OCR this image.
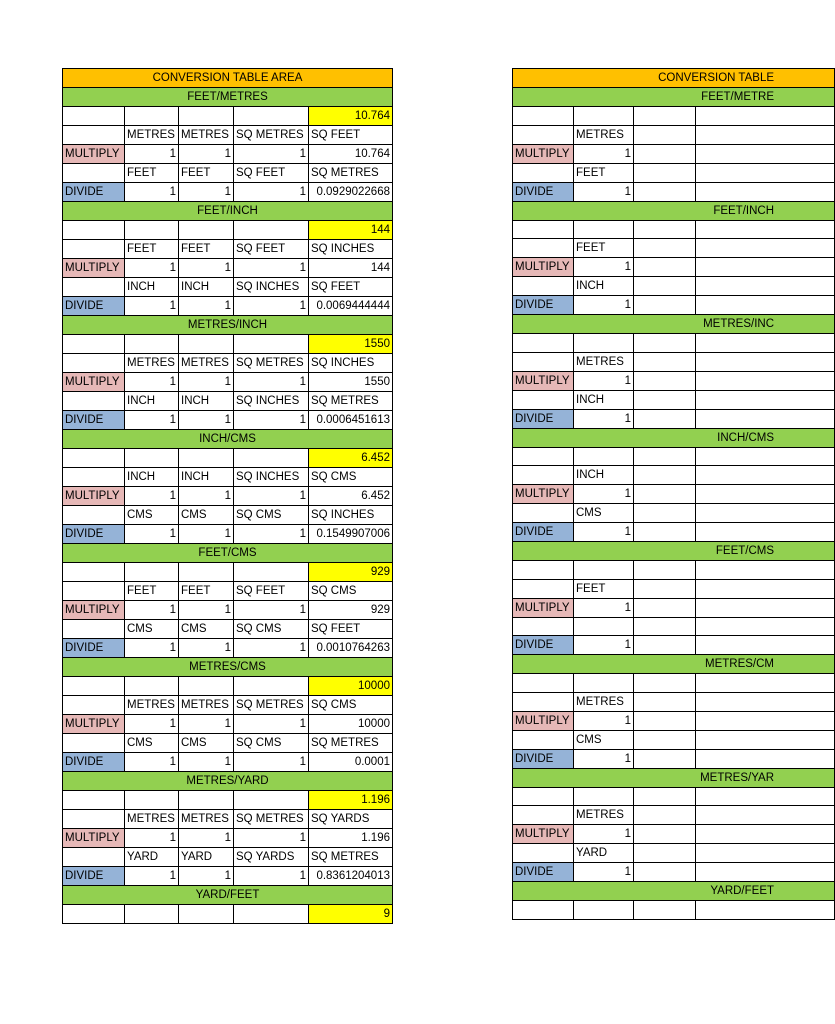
CONVERSION TABLE AREA				
FEET/METRES				
				10.764
	METRES	METRES	SQ METRES	SQ FEET
MULTIPLY	1	1	1	10.764
	FEET	FEET	SQ FEET	SQ METRES
DIVIDE	1	1	1	0.0929022668
FEET/INCH				
				144
	FEET	FEET	SQ FEET	SQ INCHES
MULTIPLY	1	1	1	144
	INCH	INCH	SQ INCHES	SQ FEET
DIVIDE	1	1	1	0.0069444444
METRES/INCH				
				1550
	METRES	METRES	SQ METRES	SQ INCHES
MULTIPLY	1	1	1	1550
	INCH	INCH	SQ INCHES	SQ METRES
DIVIDE	1	1	1	0.0006451613
INCH/CMS				
				6.452
	INCH	INCH	SQ INCHES	SQ CMS
MULTIPLY	1	1	1	6.452
	CMS	CMS	SQ CMS	SQ INCHES
DIVIDE	1	1	1	0.1549907006
FEET/CMS				
				929
	FEET	FEET	SQ FEET	SQ CMS
MULTIPLY	1	1	1	929
	CMS	CMS	SQ CMS	SQ FEET
DIVIDE	1	1	1	0.0010764263
METRES/CMS				
				10000
	METRES	METRES	SQ METRES	SQ CMS
MULTIPLY	1	1	1	10000
	CMS	CMS	SQ CMS	SQ METRES
DIVIDE	1	1	1	0.0001
METRES/YARD				
				1.196
	METRES	METRES	SQ METRES	SQ YARDS
MULTIPLY	1	1	1	1.196
	YARD	YARD	SQ YARDS	SQ METRES
DIVIDE	1	1	1	0.8361204013
YARD/FEET				
				9
CONVERSION TABLE			
FEET/METRE			

	METRES		
MULTIPLY	1		
	FEET		
DIVIDE	1		
FEET/INCH			

	FEET		
MULTIPLY	1		
	INCH		
DIVIDE	1		
METRES/INC			

	METRES		
MULTIPLY	1		
	INCH		
DIVIDE	1		
INCH/CMS			

	INCH		
MULTIPLY	1		
	CMS		
DIVIDE	1		
FEET/CMS			

	FEET		
MULTIPLY	1		

DIVIDE	1		
METRES/CM			

	METRES		
MULTIPLY	1		
	CMS		
DIVIDE	1		
METRES/YAR			

	METRES		
MULTIPLY	1		
	YARD		
DIVIDE	1		
YARD/FEET			
